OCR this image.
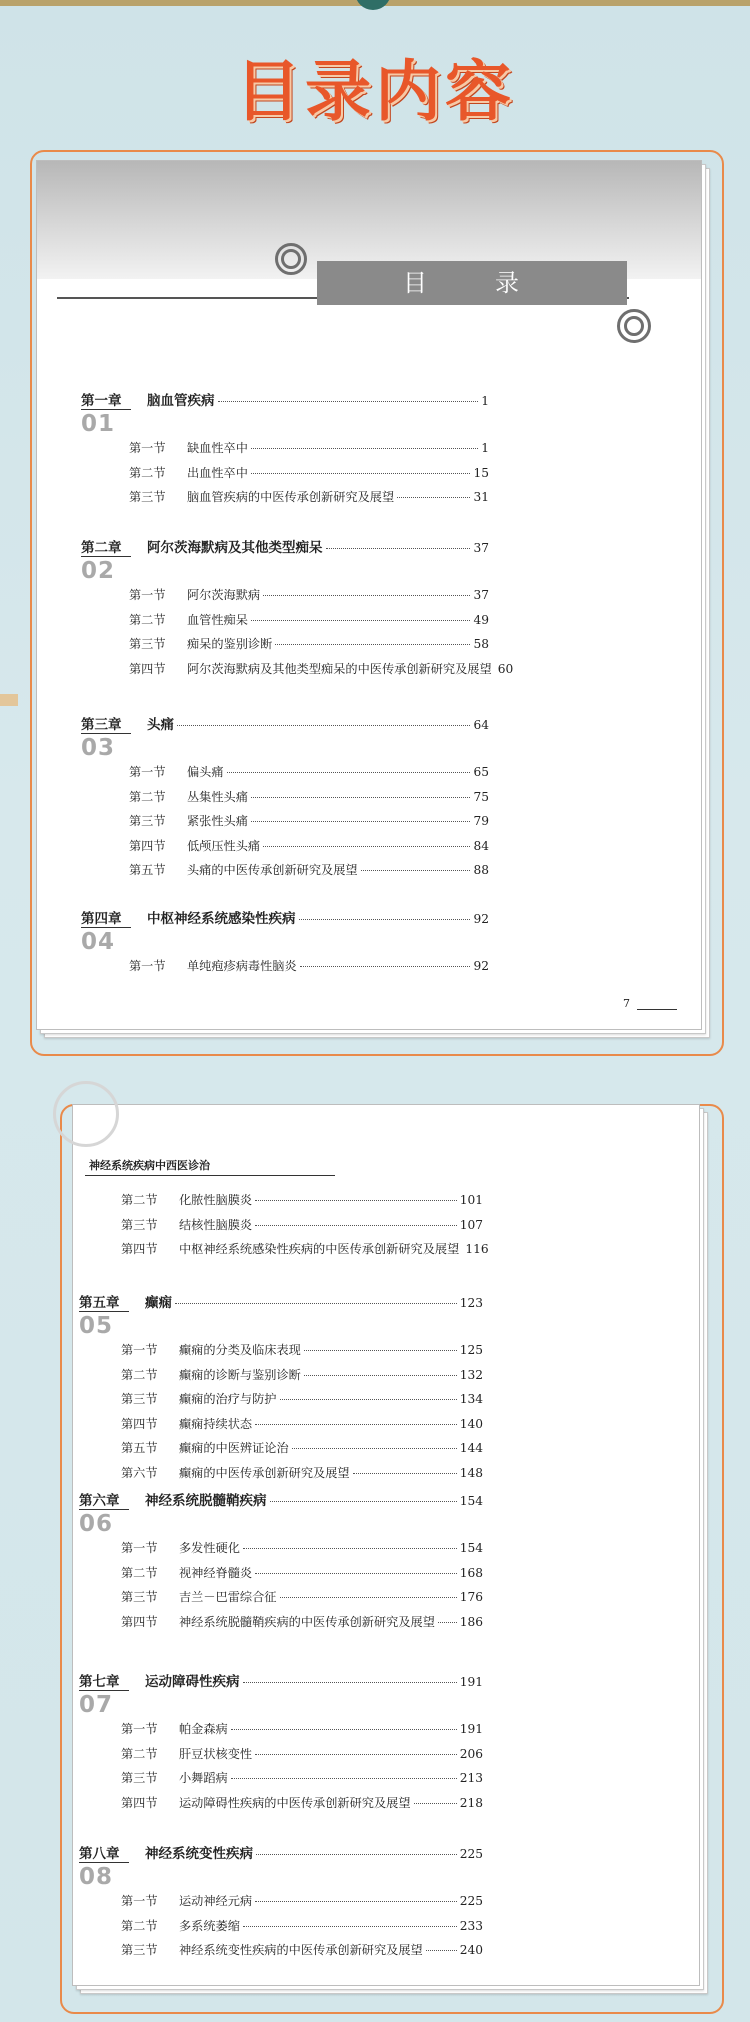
目录内容
目　录
第一章	脑血管疾病	1
01
第一节	缺血性卒中	1
第二节	出血性卒中	15
第三节	脑血管疾病的中医传承创新研究及展望	31
第二章	阿尔茨海默病及其他类型痴呆	37
02
第一节	阿尔茨海默病	37
第二节	血管性痴呆	49
第三节	痴呆的鉴别诊断	58
第四节	阿尔茨海默病及其他类型痴呆的中医传承创新研究及展望 60
第三章	头痛	64
03
第一节	偏头痛	65
第二节	丛集性头痛	75
第三节	紧张性头痛	79
第四节	低颅压性头痛	84
第五节	头痛的中医传承创新研究及展望	88
第四章	中枢神经系统感染性疾病	92
04
第一节	单纯疱疹病毒性脑炎	92
7
神经系统疾病中西医诊治
第二节	化脓性脑膜炎	101
第三节	结核性脑膜炎	107
第四节	中枢神经系统感染性疾病的中医传承创新研究及展望 116
第五章	癫痫	123
05
第一节	癫痫的分类及临床表现	125
第二节	癫痫的诊断与鉴别诊断	132
第三节	癫痫的治疗与防护	134
第四节	癫痫持续状态	140
第五节	癫痫的中医辨证论治	144
第六节	癫痫的中医传承创新研究及展望	148
第六章	神经系统脱髓鞘疾病	154
06
第一节	多发性硬化	154
第二节	视神经脊髓炎	168
第三节	吉兰－巴雷综合征	176
第四节	神经系统脱髓鞘疾病的中医传承创新研究及展望 186
第七章	运动障碍性疾病	191
07
第一节	帕金森病	191
第二节	肝豆状核变性	206
第三节	小舞蹈病	213
第四节	运动障碍性疾病的中医传承创新研究及展望	218
第八章	神经系统变性疾病	225
08
第一节	运动神经元病	225
第二节	多系统萎缩	233
第三节	神经系统变性疾病的中医传承创新研究及展望	240
